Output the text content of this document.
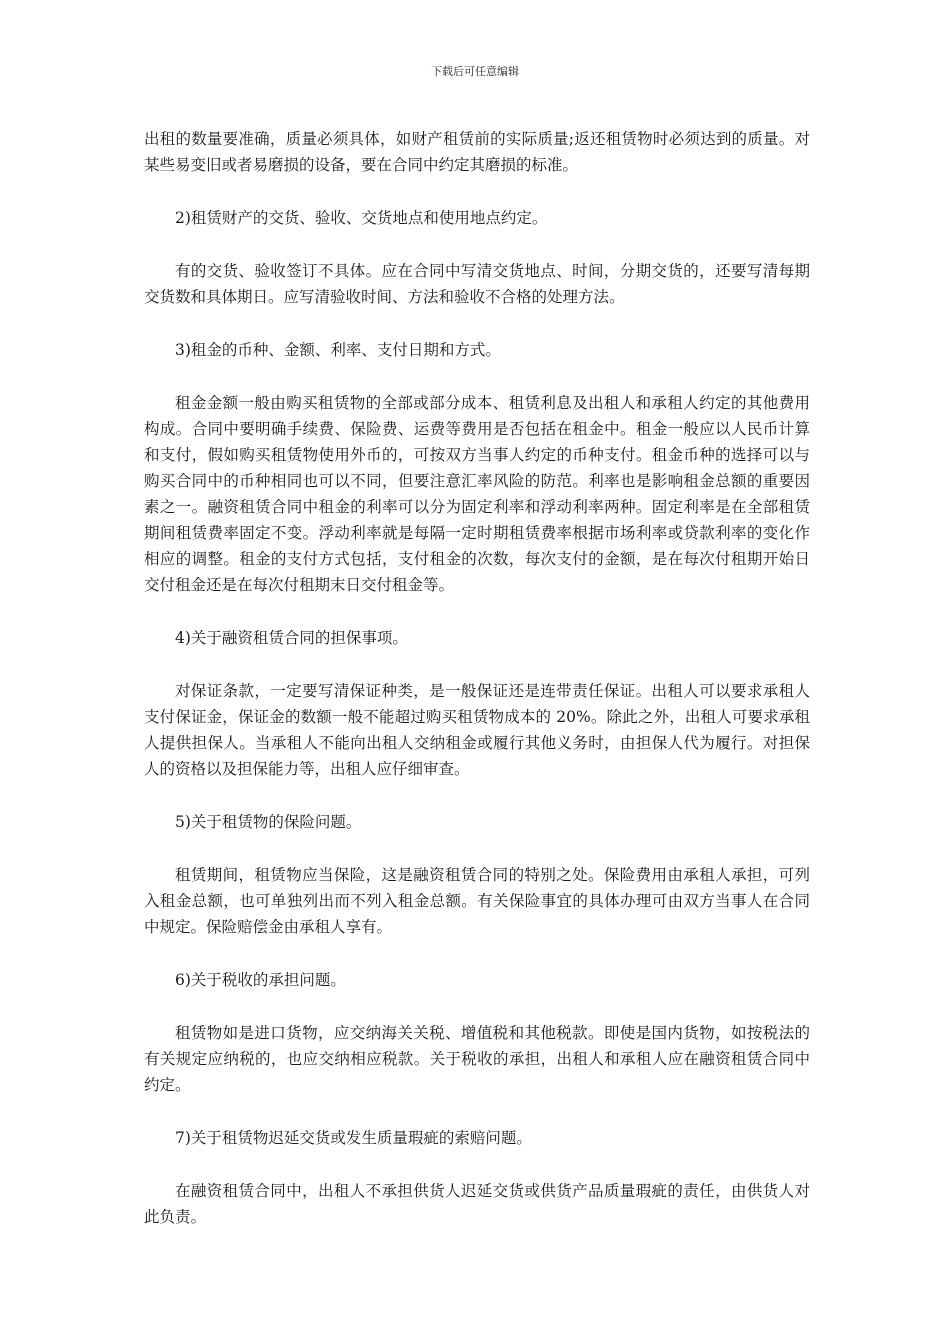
下载后可任意编辑

出租的数量要准确，质量必须具体，如财产租赁前的实际质量;返还租赁物时必须达到的质量。对某些易变旧或者易磨损的设备，要在合同中约定其磨损的标准。

2)租赁财产的交货、验收、交货地点和使用地点约定。

有的交货、验收签订不具体。应在合同中写清交货地点、时间，分期交货的，还要写清每期交货数和具体期日。应写清验收时间、方法和验收不合格的处理方法。

3)租金的币种、金额、利率、支付日期和方式。

租金金额一般由购买租赁物的全部或部分成本、租赁利息及出租人和承租人约定的其他费用构成。合同中要明确手续费、保险费、运费等费用是否包括在租金中。租金一般应以人民币计算和支付，假如购买租赁物使用外币的，可按双方当事人约定的币种支付。租金币种的选择可以与购买合同中的币种相同也可以不同，但要注意汇率风险的防范。利率也是影响租金总额的重要因素之一。融资租赁合同中租金的利率可以分为固定利率和浮动利率两种。固定利率是在全部租赁期间租赁费率固定不变。浮动利率就是每隔一定时期租赁费率根据市场利率或贷款利率的变化作相应的调整。租金的支付方式包括，支付租金的次数，每次支付的金额，是在每次付租期开始日交付租金还是在每次付租期末日交付租金等。

4)关于融资租赁合同的担保事项。

对保证条款，一定要写清保证种类，是一般保证还是连带责任保证。出租人可以要求承租人支付保证金，保证金的数额一般不能超过购买租赁物成本的 20%。除此之外，出租人可要求承租人提供担保人。当承租人不能向出租人交纳租金或履行其他义务时，由担保人代为履行。对担保人的资格以及担保能力等，出租人应仔细审查。

5)关于租赁物的保险问题。

租赁期间，租赁物应当保险，这是融资租赁合同的特别之处。保险费用由承租人承担，可列入租金总额，也可单独列出而不列入租金总额。有关保险事宜的具体办理可由双方当事人在合同中规定。保险赔偿金由承租人享有。

6)关于税收的承担问题。

租赁物如是进口货物，应交纳海关关税、增值税和其他税款。即使是国内货物，如按税法的有关规定应纳税的，也应交纳相应税款。关于税收的承担，出租人和承租人应在融资租赁合同中约定。

7)关于租赁物迟延交货或发生质量瑕疵的索赔问题。

在融资租赁合同中，出租人不承担供货人迟延交货或供货产品质量瑕疵的责任，由供货人对此负责。
